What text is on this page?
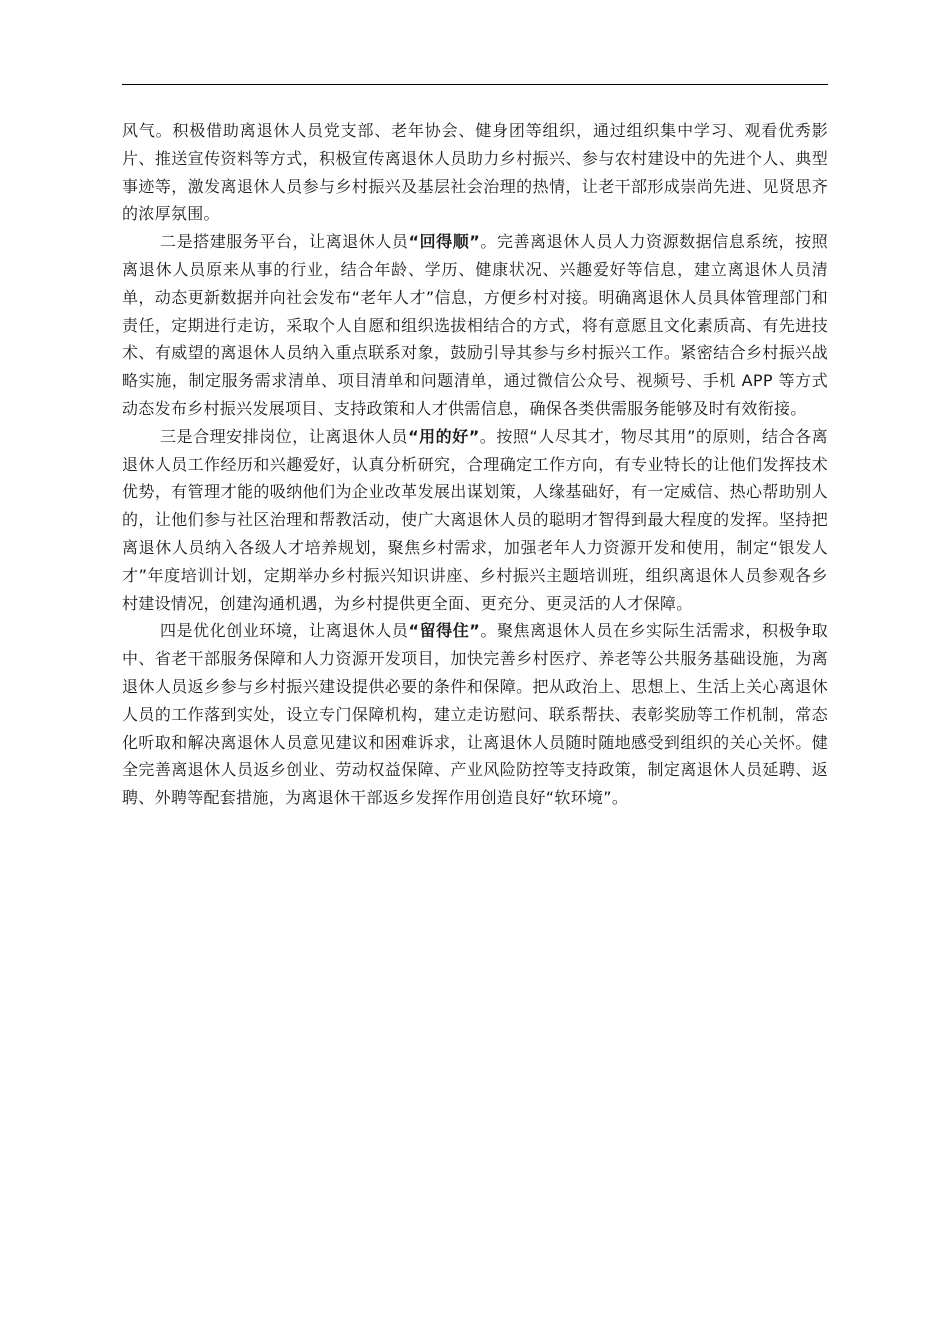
风气。积极借助离退休人员党支部、老年协会、健身团等组织，通过组织集中学习、观看优秀影片、推送宣传资料等方式，积极宣传离退休人员助力乡村振兴、参与农村建设中的先进个人、典型事迹等，激发离退休人员参与乡村振兴及基层社会治理的热情，让老干部形成崇尚先进、见贤思齐的浓厚氛围。

二是搭建服务平台，让离退休人员“回得顺”。完善离退休人员人力资源数据信息系统，按照离退休人员原来从事的行业，结合年龄、学历、健康状况、兴趣爱好等信息，建立离退休人员清单，动态更新数据并向社会发布“老年人才”信息，方便乡村对接。明确离退休人员具体管理部门和责任，定期进行走访，采取个人自愿和组织选拔相结合的方式，将有意愿且文化素质高、有先进技术、有威望的离退休人员纳入重点联系对象，鼓励引导其参与乡村振兴工作。紧密结合乡村振兴战略实施，制定服务需求清单、项目清单和问题清单，通过微信公众号、视频号、手机 APP 等方式动态发布乡村振兴发展项目、支持政策和人才供需信息，确保各类供需服务能够及时有效衔接。

三是合理安排岗位，让离退休人员“用的好”。按照“人尽其才，物尽其用”的原则，结合各离退休人员工作经历和兴趣爱好，认真分析研究，合理确定工作方向，有专业特长的让他们发挥技术优势，有管理才能的吸纳他们为企业改革发展出谋划策，人缘基础好，有一定威信、热心帮助别人的，让他们参与社区治理和帮教活动，使广大离退休人员的聪明才智得到最大程度的发挥。坚持把离退休人员纳入各级人才培养规划，聚焦乡村需求，加强老年人力资源开发和使用，制定“银发人才”年度培训计划，定期举办乡村振兴知识讲座、乡村振兴主题培训班，组织离退休人员参观各乡村建设情况，创建沟通机遇，为乡村提供更全面、更充分、更灵活的人才保障。

四是优化创业环境，让离退休人员“留得住”。聚焦离退休人员在乡实际生活需求，积极争取中、省老干部服务保障和人力资源开发项目，加快完善乡村医疗、养老等公共服务基础设施，为离退休人员返乡参与乡村振兴建设提供必要的条件和保障。把从政治上、思想上、生活上关心离退休人员的工作落到实处，设立专门保障机构，建立走访慰问、联系帮扶、表彰奖励等工作机制，常态化听取和解决离退休人员意见建议和困难诉求，让离退休人员随时随地感受到组织的关心关怀。健全完善离退休人员返乡创业、劳动权益保障、产业风险防控等支持政策，制定离退休人员延聘、返聘、外聘等配套措施，为离退休干部返乡发挥作用创造良好“软环境”。
